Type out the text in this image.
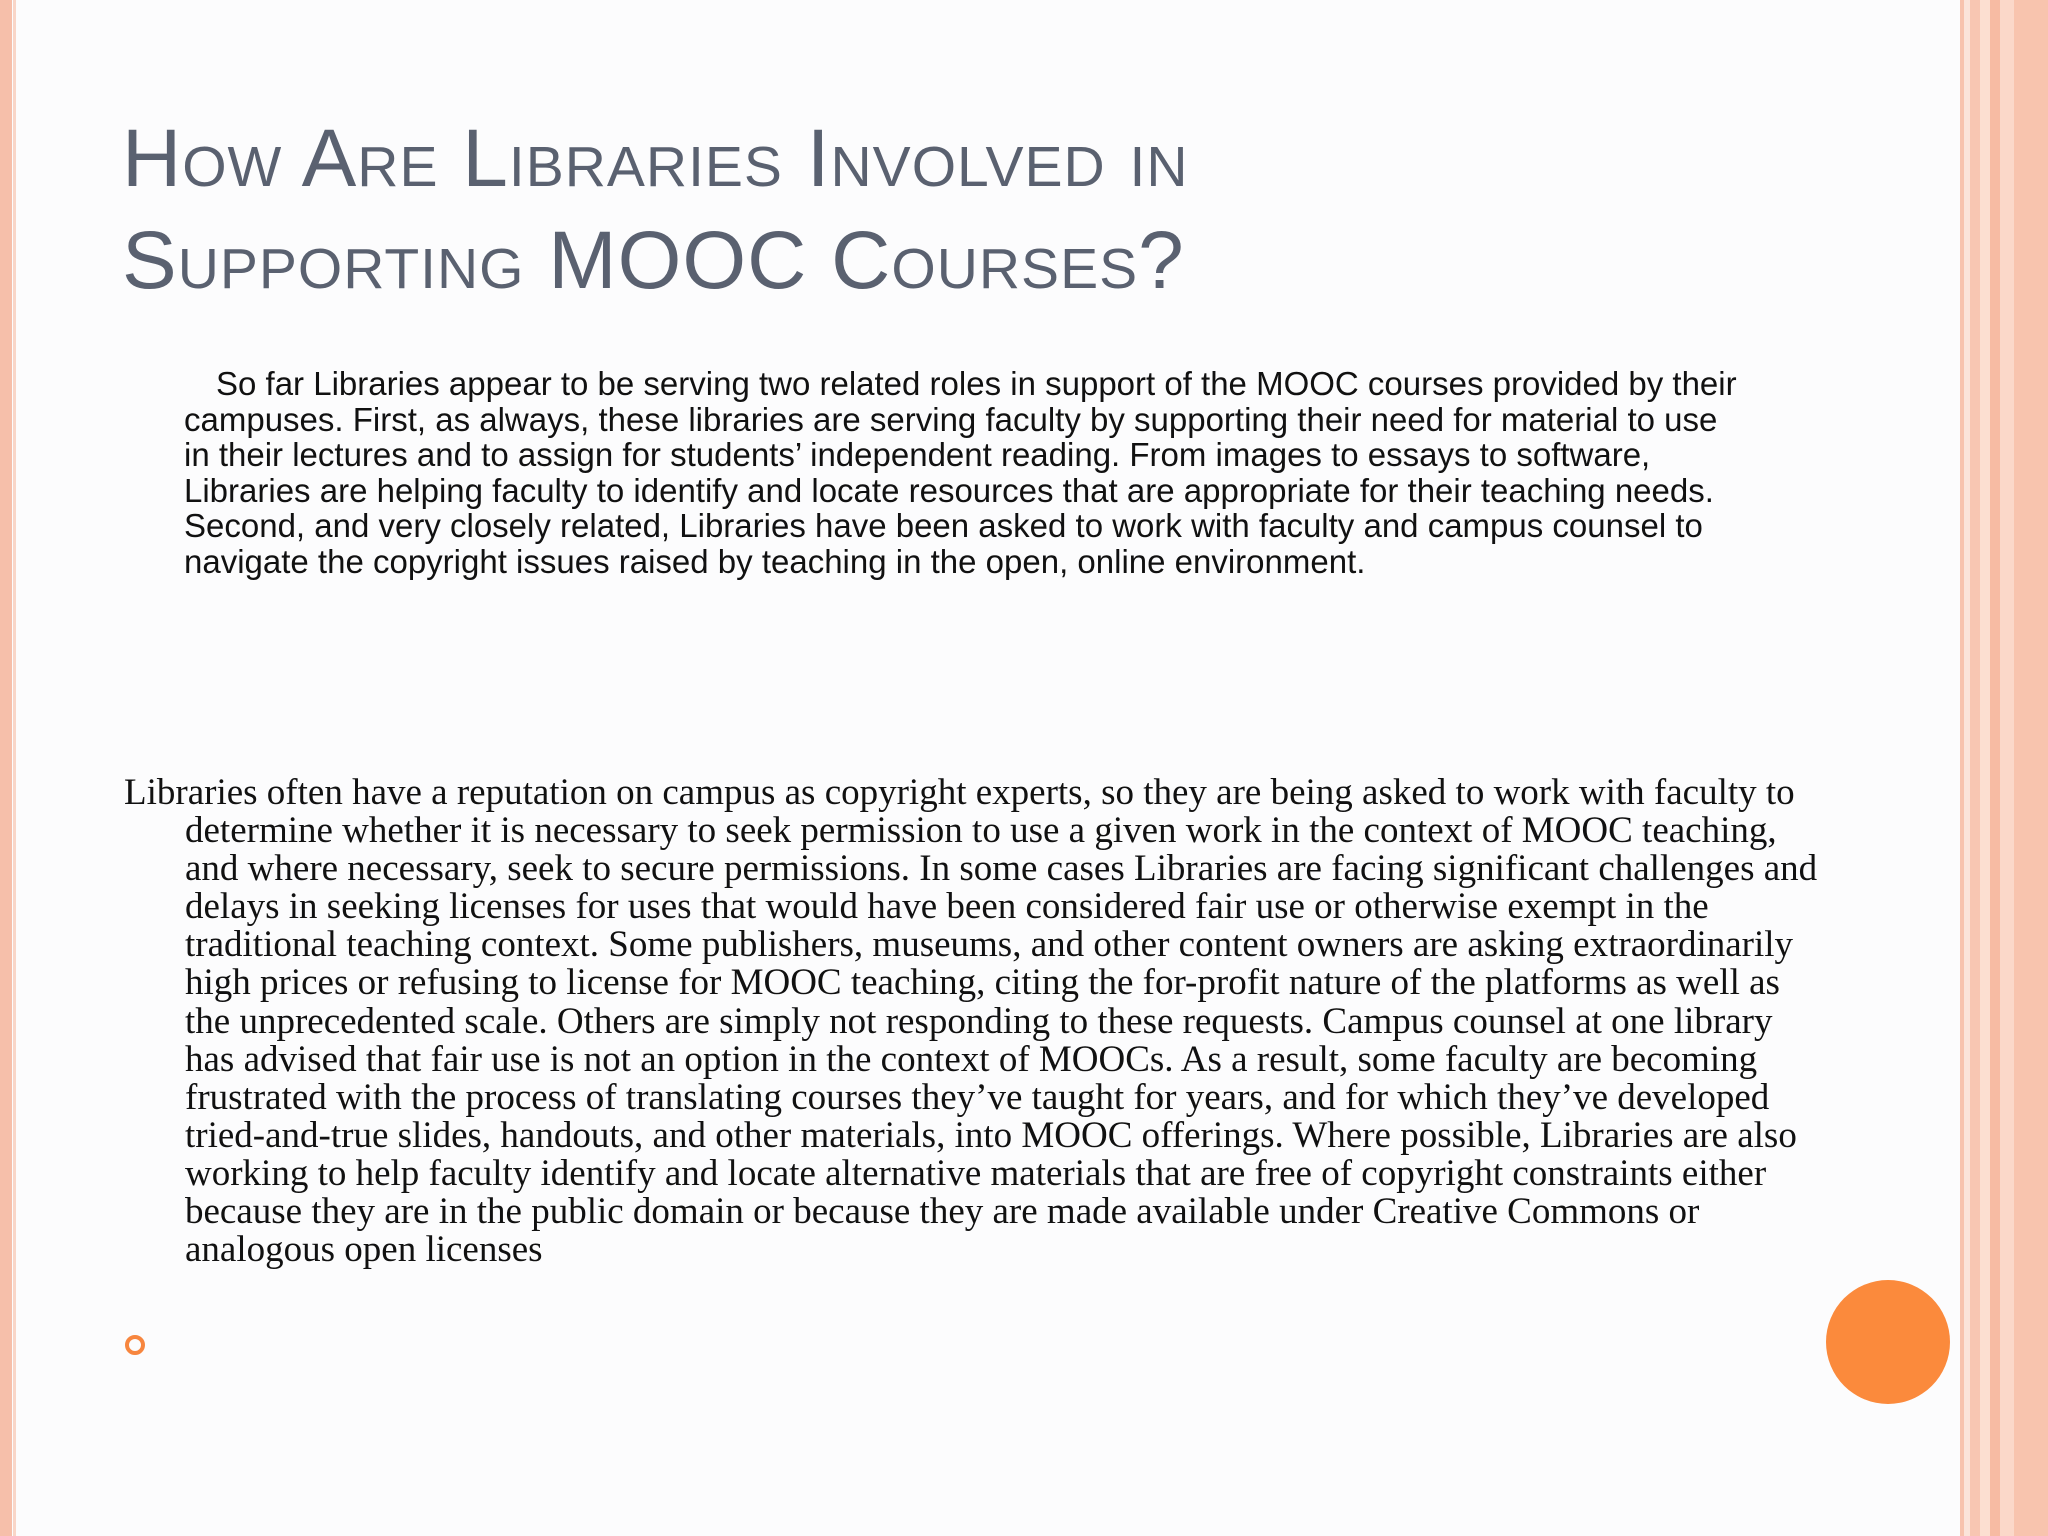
How Are Libraries Involved in
Supporting MOOC Courses?

So far Libraries appear to be serving two related roles in support of the MOOC courses provided by their campuses. First, as always, these libraries are serving faculty by supporting their need for material to use in their lectures and to assign for students’ independent reading. From images to essays to software, Libraries are helping faculty to identify and locate resources that are appropriate for their teaching needs. Second, and very closely related, Libraries have been asked to work with faculty and campus counsel to navigate the copyright issues raised by teaching in the open, online environment.

Libraries often have a reputation on campus as copyright experts, so they are being asked to work with faculty to determine whether it is necessary to seek permission to use a given work in the context of MOOC teaching, and where necessary, seek to secure permissions. In some cases Libraries are facing significant challenges and delays in seeking licenses for uses that would have been considered fair use or otherwise exempt in the traditional teaching context. Some publishers, museums, and other content owners are asking extraordinarily high prices or refusing to license for MOOC teaching, citing the for-profit nature of the platforms as well as the unprecedented scale. Others are simply not responding to these requests. Campus counsel at one library has advised that fair use is not an option in the context of MOOCs. As a result, some faculty are becoming frustrated with the process of translating courses they’ve taught for years, and for which they’ve developed tried-and-true slides, handouts, and other materials, into MOOC offerings. Where possible, Libraries are also working to help faculty identify and locate alternative materials that are free of copyright constraints either because they are in the public domain or because they are made available under Creative Commons or analogous open licenses
